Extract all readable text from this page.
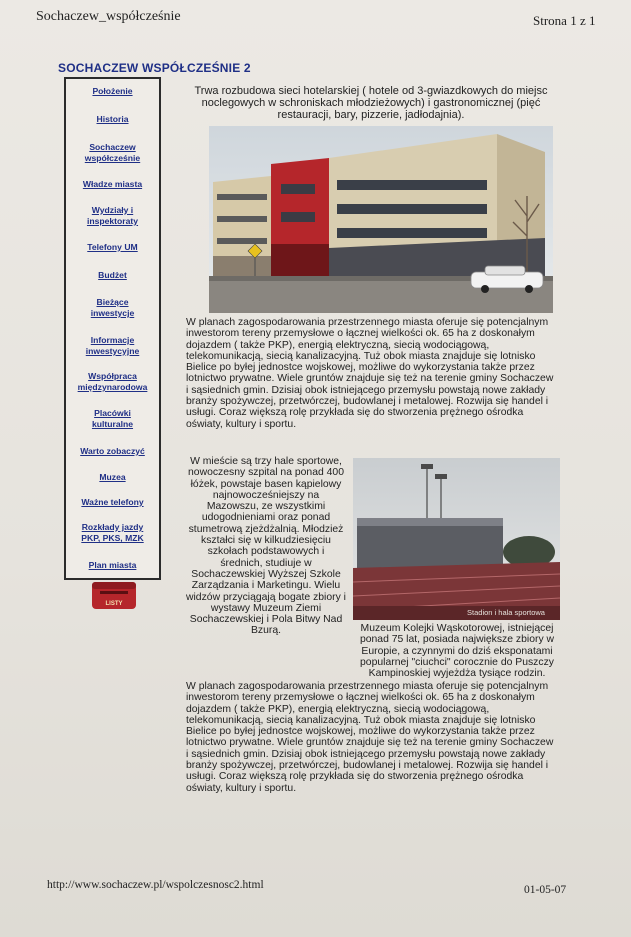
Sochaczew_współcześnie	Strona 1 z 1
SOCHACZEW WSPÓŁCZEŚNIE 2
Położenie
Historia
Sochaczew
współcześnie
Władze miasta
Wydziały i
inspektoraty
Telefony UM
Budżet
Bieżące
inwestycje
Informacje
inwestycyjne
Współpraca
międzynarodowa
Placówki
kulturalne
Warto zobaczyć
Muzea
Ważne telefony
Rozkłady jazdy
PKP, PKS, MZK
Plan miasta
LISTY
Trwa rozbudowa sieci hotelarskiej ( hotele od 3-gwiazdkowych do miejsc noclegowych w schroniskach młodzieżowych) i gastronomicznej (pięć restauracji, bary, pizzerie, jadłodajnia).
W planach zagospodarowania przestrzennego miasta oferuje się potencjalnym inwestorom tereny przemysłowe o łącznej wielkości ok. 65 ha z doskonałym dojazdem ( także PKP), energią elektryczną, siecią wodociągową, telekomunikacją, siecią kanalizacyjną. Tuż obok miasta znajduje się lotnisko Bielice po byłej jednostce wojskowej, możliwe do wykorzystania także przez lotnictwo prywatne. Wiele gruntów znajduje się też na terenie gminy Sochaczew i sąsiednich gmin. Dzisiaj obok istniejącego przemysłu powstają nowe zakłady branży spożywczej, przetwórczej, budowlanej i metalowej. Rozwija się handel i usługi. Coraz większą rolę przykłada się do stworzenia prężnego ośrodka oświaty, kultury i sportu.
W mieście są trzy hale sportowe, nowoczesny szpital na ponad 400 łóżek, powstaje basen kąpielowy najnowocześniejszy na Mazowszu, ze wszystkimi udogodnieniami oraz ponad stumetrową zjeżdżalnią. Młodzież kształci się w kilkudziesięciu szkołach podstawowych i średnich, studiuje w Sochaczewskiej Wyższej Szkole Zarządzania i Marketingu. Wielu widzów przyciągają bogate zbiory i wystawy Muzeum Ziemi Sochaczewskiej i Pola Bitwy Nad Bzurą.
Stadion i hala sportowa
Muzeum Kolejki Wąskotorowej, istniejącej ponad 75 lat, posiada największe zbiory w Europie, a czynnymi do dziś eksponatami popularnej "ciuchci" corocznie do Puszczy Kampinoskiej wyjeżdża tysiące rodzin.
W planach zagospodarowania przestrzennego miasta oferuje się potencjalnym inwestorom tereny przemysłowe o łącznej wielkości ok. 65 ha z doskonałym dojazdem ( także PKP), energią elektryczną, siecią wodociągową, telekomunikacją, siecią kanalizacyjną. Tuż obok miasta znajduje się lotnisko Bielice po byłej jednostce wojskowej, możliwe do wykorzystania także przez lotnictwo prywatne. Wiele gruntów znajduje się też na terenie gminy Sochaczew i sąsiednich gmin. Dzisiaj obok istniejącego przemysłu powstają nowe zakłady branży spożywczej, przetwórczej, budowlanej i metalowej. Rozwija się handel i usługi. Coraz większą rolę przykłada się do stworzenia prężnego ośrodka oświaty, kultury i sportu.
http://www.sochaczew.pl/wspolczesnosc2.html	01-05-07
